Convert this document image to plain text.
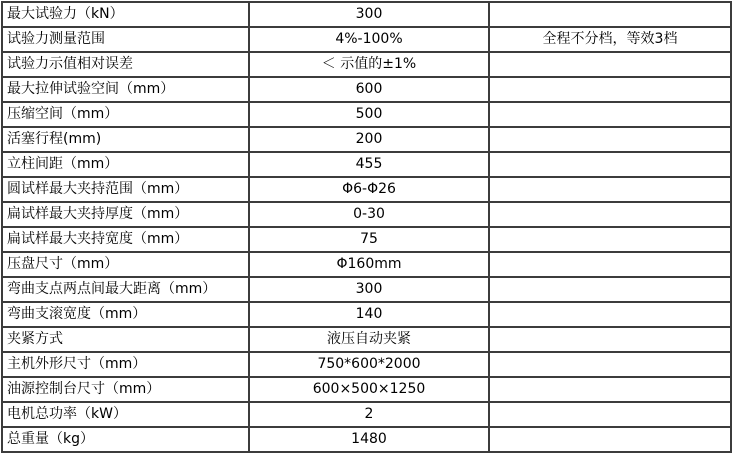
最大试验力（kN）	300	
试验力测量范围	4%-100%	全程不分档，等效3档
试验力示值相对误差	＜ 示值的±1%	
最大拉伸试验空间（mm）	600	
压缩空间（mm）	500	
活塞行程(mm)	200	
立柱间距（mm）	455	
圆试样最大夹持范围（mm）	Φ6-Φ26	
扁试样最大夹持厚度（mm）	0-30	
扁试样最大夹持宽度（mm）	75	
压盘尺寸（mm）	Φ160mm	
弯曲支点两点间最大距离（mm）	300	
弯曲支滚宽度（mm）	140	
夹紧方式	液压自动夹紧	
主机外形尺寸（mm）	750*600*2000	
油源控制台尺寸（mm）	600×500×1250	
电机总功率（kW）	2	
总重量（kg）	1480	
